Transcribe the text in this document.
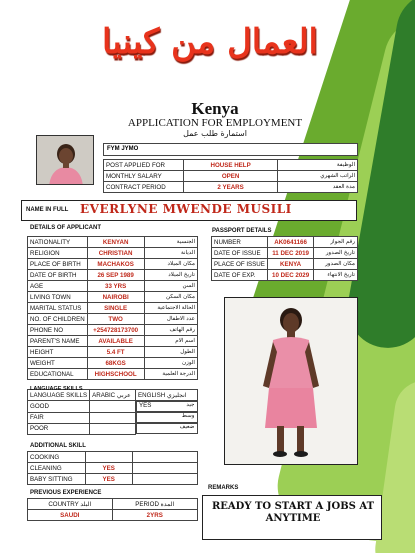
العمال من كينيا
Kenya
APPLICATION FOR EMPLOYMENT
استمارة طلب عمل
FYM JYMO
POST APPLIED FOR	HOUSE HELP	الوظيفة
MONTHLY SALARY	OPEN	الراتب الشهري
CONTRACT PERIOD	2 YEARS	مدة العقد
NAME IN FULL EVERLYNE MWENDE MUSILI
DETAILS OF APPLICANT
NATIONALITY	KENYAN	الجنسية
RELIGION	CHRISTIAN	الديانة
PLACE OF BIRTH	MACHAKOS	مكان الميلاد
DATE OF BIRTH	26 SEP 1989	تاريخ الميلاد
AGE	33 YRS	السن
LIVING TOWN	NAIROBI	مكان السكن
MARITAL STATUS	SINGLE	الحالة الاجتماعية
NO. OF CHILDREN	TWO	عدد الاطفال
PHONE NO	+254728173700	رقم الهاتف
PARENT'S NAME	AVAILABLE	اسم الام
HEIGHT	5.4 FT	الطول
WEIGHT	68KGS	الوزن
EDUCATIONAL	HIGHSCHOOL	الدرجة العلمية
PASSPORT DETAILS
NUMBER	AK0641166	رقم الجواز
DATE OF ISSUE	11 DEC 2019	تاريخ الصدور
PLACE OF ISSUE	KENYA	مكان الصدور
DATE OF EXP.	10 DEC 2029	تاريخ الانتهاء
LANGUAGE SKILLS	ARABIC عربي	ENGLISH انجليزي
GOOD			YES	جيد

FAIR			وسط

POOR			ضعيف
LANGUAGE SKILLS
ADDITIONAL SKILL
COOKING		
CLEANING	YES	
BABY SITTING	YES	
PREVIOUS EXPERIENCE
COUNTRY البلد	PERIOD المدة
SAUDI	2YRS
REMARKS
READY TO START A JOBS AT ANYTIME
